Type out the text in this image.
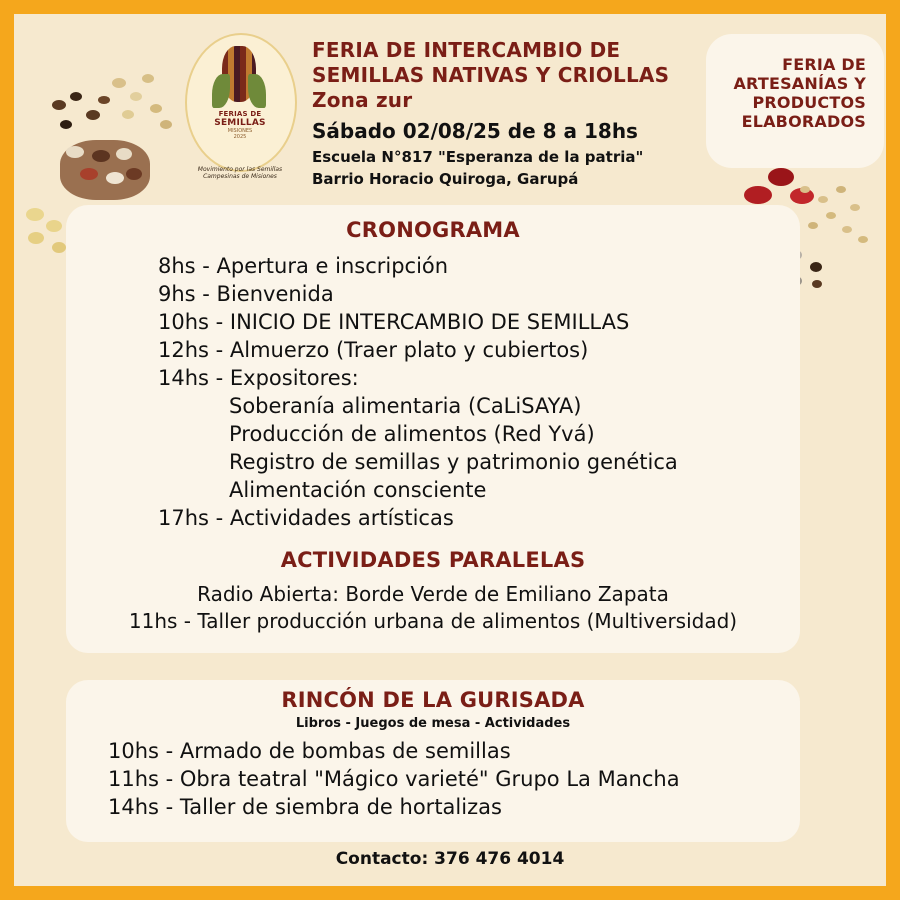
FERIAS DE
SEMILLAS
MISIONES
2025
Movimiento por las Semillas
Campesinas de Misiones
FERIA DE INTERCAMBIO DE
SEMILLAS NATIVAS Y CRIOLLAS
Zona zur
Sábado 02/08/25 de 8 a 18hs
Escuela N°817 "Esperanza de la patria"
Barrio Horacio Quiroga, Garupá
FERIA DE
ARTESANÍAS Y
PRODUCTOS
ELABORADOS
CRONOGRAMA
8hs - Apertura e inscripción
9hs - Bienvenida
10hs - INICIO DE INTERCAMBIO DE SEMILLAS
12hs - Almuerzo (Traer plato y cubiertos)
14hs - Expositores:
Soberanía alimentaria (CaLiSAYA)
Producción de alimentos (Red Yvá)
Registro de semillas y patrimonio genética
Alimentación consciente
17hs - Actividades artísticas
ACTIVIDADES PARALELAS
Radio Abierta: Borde Verde de Emiliano Zapata
11hs - Taller producción urbana de alimentos (Multiversidad)
RINCÓN DE LA GURISADA
Libros - Juegos de mesa - Actividades
10hs - Armado de bombas de semillas
11hs - Obra teatral "Mágico varieté" Grupo La Mancha
14hs - Taller de siembra de hortalizas
Contacto: 376 476 4014
